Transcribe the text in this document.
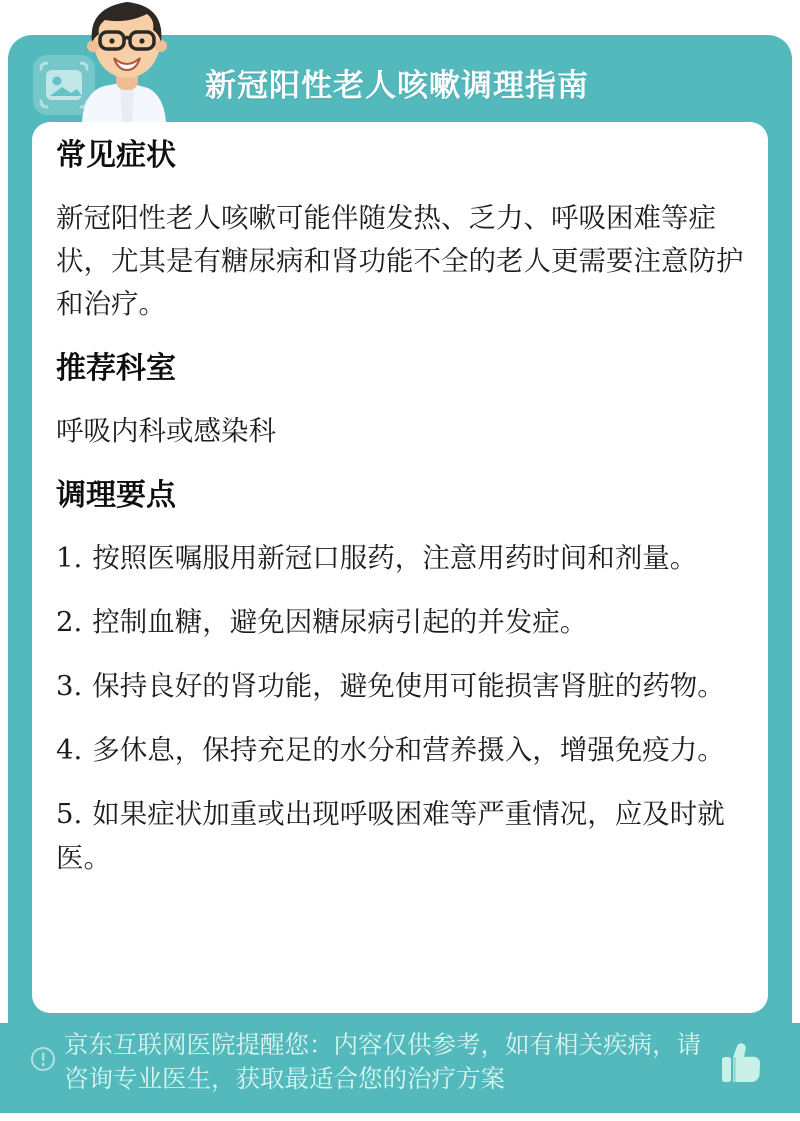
新冠阳性老人咳嗽调理指南
常见症状

新冠阳性老人咳嗽可能伴随发热、乏力、呼吸困难等症状，尤其是有糖尿病和肾功能不全的老人更需要注意防护和治疗。

推荐科室

呼吸内科或感染科

调理要点

1. 按照医嘱服用新冠口服药，注意用药时间和剂量。

2. 控制血糖，避免因糖尿病引起的并发症。

3. 保持良好的肾功能，避免使用可能损害肾脏的药物。

4. 多休息，保持充足的水分和营养摄入，增强免疫力。

5. 如果症状加重或出现呼吸困难等严重情况，应及时就医。

京东互联网医院提醒您：内容仅供参考，如有相关疾病，请咨询专业医生，获取最适合您的治疗方案
